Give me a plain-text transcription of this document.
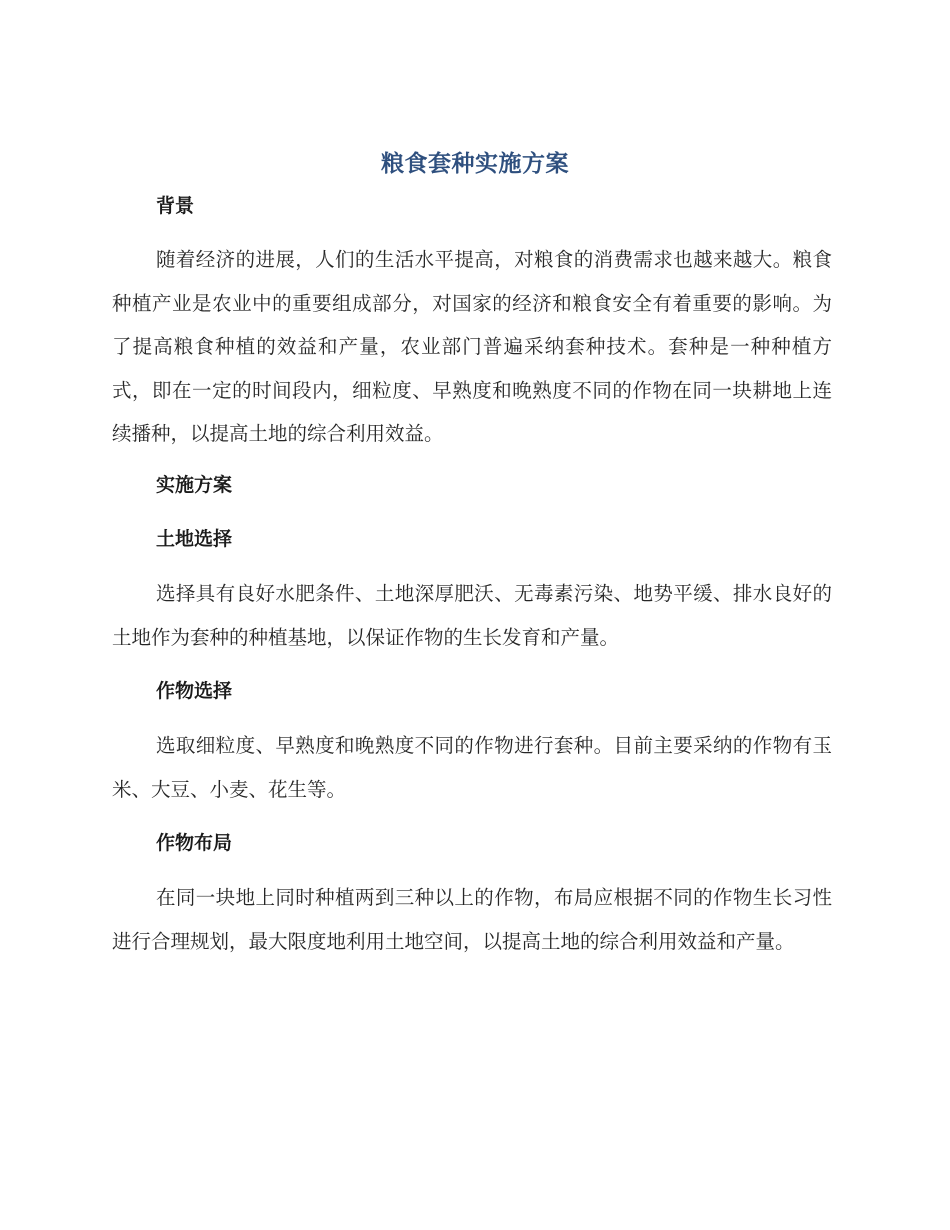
粮食套种实施方案
背景
随着经济的进展，人们的生活水平提高，对粮食的消费需求也越来越大。粮食种植产业是农业中的重要组成部分，对国家的经济和粮食安全有着重要的影响。为了提高粮食种植的效益和产量，农业部门普遍采纳套种技术。套种是一种种植方式，即在一定的时间段内，细粒度、早熟度和晚熟度不同的作物在同一块耕地上连续播种，以提高土地的综合利用效益。
实施方案
土地选择
选择具有良好水肥条件、土地深厚肥沃、无毒素污染、地势平缓、排水良好的土地作为套种的种植基地，以保证作物的生长发育和产量。
作物选择
选取细粒度、早熟度和晚熟度不同的作物进行套种。目前主要采纳的作物有玉米、大豆、小麦、花生等。
作物布局
在同一块地上同时种植两到三种以上的作物，布局应根据不同的作物生长习性进行合理规划，最大限度地利用土地空间，以提高土地的综合利用效益和产量。
